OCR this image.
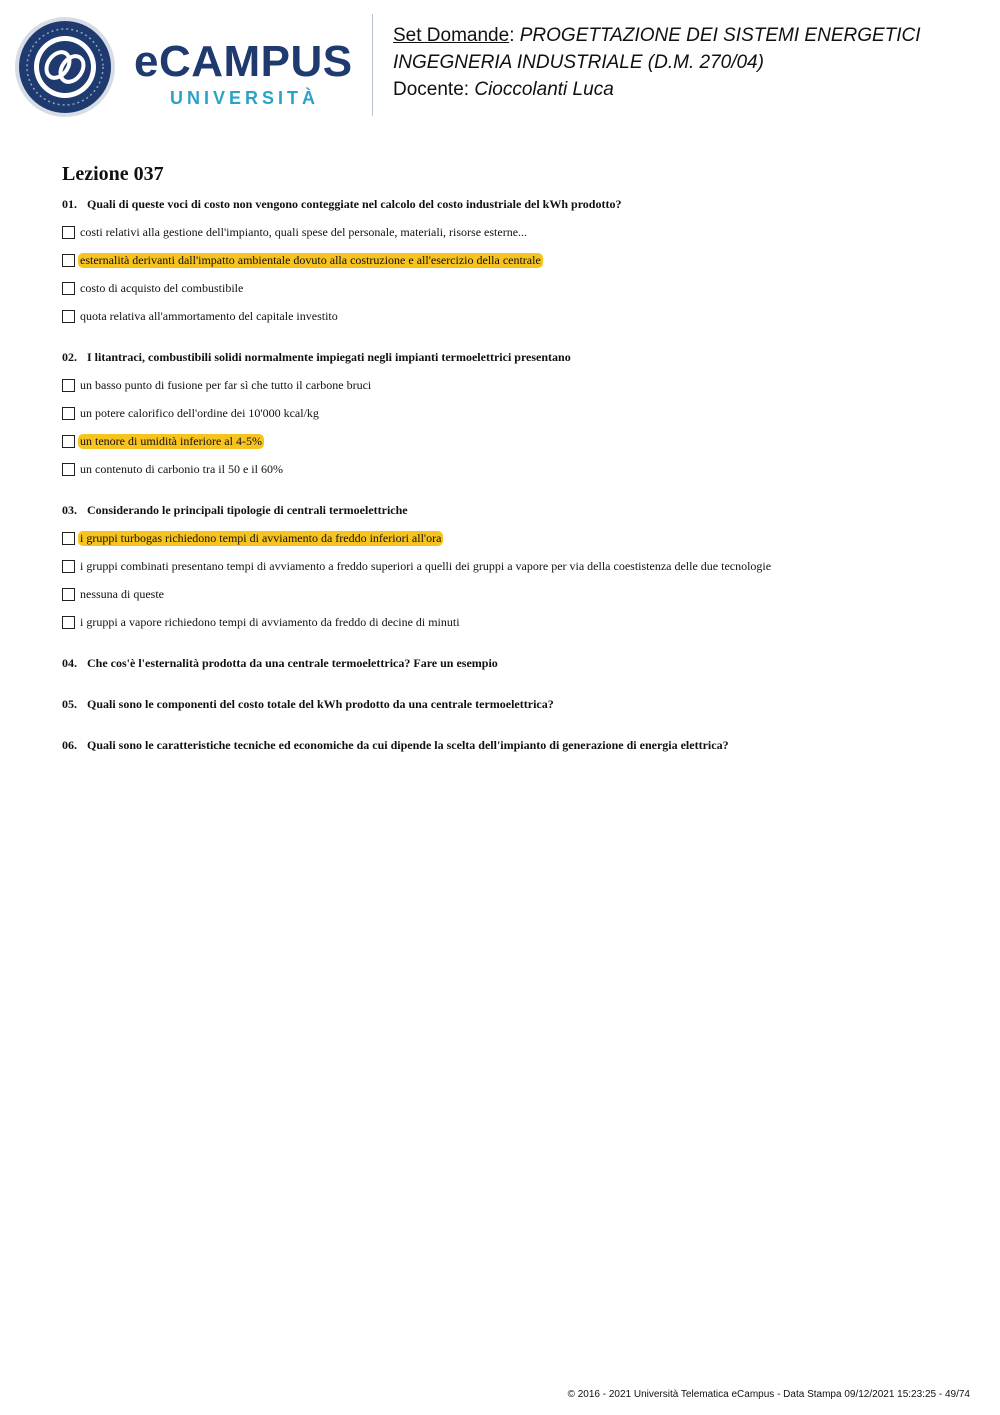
eCAMPUS
UNIVERSITÀ
Set Domande: PROGETTAZIONE DEI SISTEMI ENERGETICI
INGEGNERIA INDUSTRIALE (D.M. 270/04)
Docente: Cioccolanti Luca
Lezione 037

01. Quali di queste voci di costo non vengono conteggiate nel calcolo del costo industriale del kWh prodotto?

costi relativi alla gestione dell'impianto, quali spese del personale, materiali, risorse esterne...
esternalità derivanti dall'impatto ambientale dovuto alla costruzione e all'esercizio della centrale
costo di acquisto del combustibile
quota relativa all'ammortamento del capitale investito

02. I litantraci, combustibili solidi normalmente impiegati negli impianti termoelettrici presentano

un basso punto di fusione per far sì che tutto il carbone bruci
un potere calorifico dell'ordine dei 10'000 kcal/kg
un tenore di umidità inferiore al 4-5%
un contenuto di carbonio tra il 50 e il 60%

03. Considerando le principali tipologie di centrali termoelettriche

i gruppi turbogas richiedono tempi di avviamento da freddo inferiori all'ora
i gruppi combinati presentano tempi di avviamento a freddo superiori a quelli dei gruppi a vapore per via della coestistenza delle due tecnologie
nessuna di queste
i gruppi a vapore richiedono tempi di avviamento da freddo di decine di minuti

04. Che cos'è l'esternalità prodotta da una centrale termoelettrica? Fare un esempio

05. Quali sono le componenti del costo totale del kWh prodotto da una centrale termoelettrica?

06. Quali sono le caratteristiche tecniche ed economiche da cui dipende la scelta dell'impianto di generazione di energia elettrica?

© 2016 - 2021 Università Telematica eCampus - Data Stampa 09/12/2021 15:23:25 - 49/74
